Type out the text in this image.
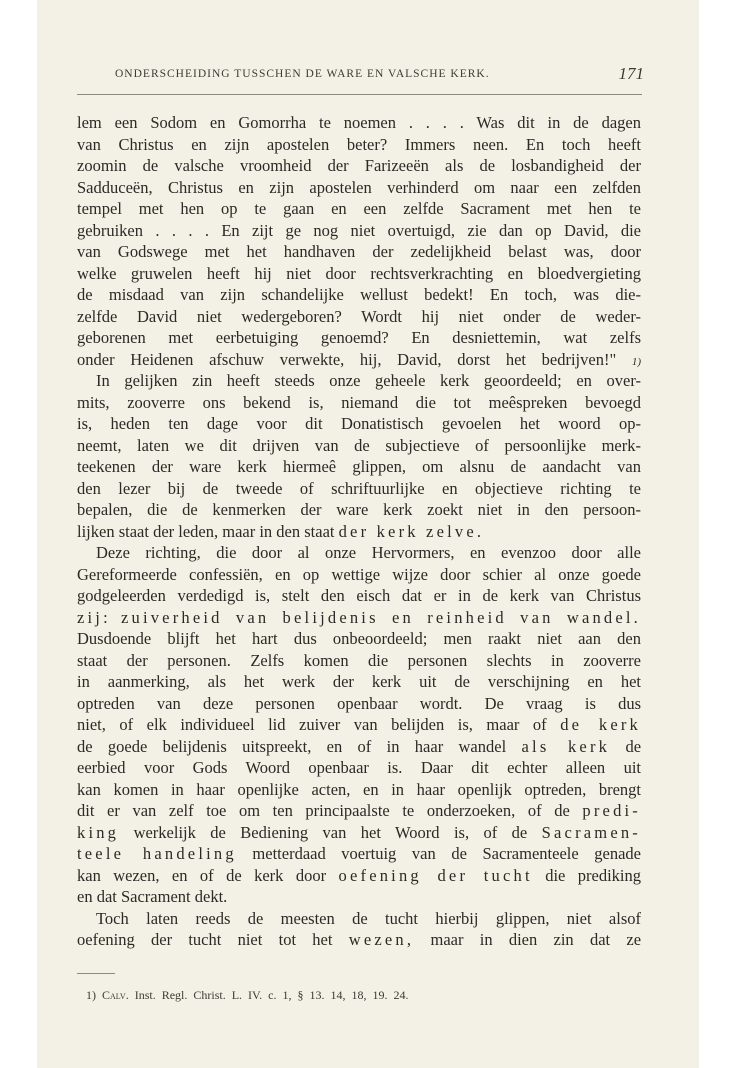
ONDERSCHEIDING TUSSCHEN DE WARE EN VALSCHE KERK.	171
lem een Sodom en Gomorrha te noemen . . . . Was dit in de dagen
van Christus en zijn apostelen beter? Immers neen. En toch heeft
zoomin de valsche vroomheid der Farizeeën als de losbandigheid der
Sadduceën, Christus en zijn apostelen verhinderd om naar een zelfden
tempel met hen op te gaan en een zelfde Sacrament met hen te
gebruiken . . . . En zijt ge nog niet overtuigd, zie dan op David, die
van Godswege met het handhaven der zedelijkheid belast was, door
welke gruwelen heeft hij niet door rechtsverkrachting en bloedvergieting
de misdaad van zijn schandelijke wellust bedekt! En toch, was die-
zelfde David niet wedergeboren? Wordt hij niet onder de weder-
geborenen met eerbetuiging genoemd? En desniettemin, wat zelfs
onder Heidenen afschuw verwekte, hij, David, dorst het bedrijven!" 1)
In gelijken zin heeft steeds onze geheele kerk geoordeeld; en over-
mits, zooverre ons bekend is, niemand die tot meêspreken bevoegd
is, heden ten dage voor dit Donatistisch gevoelen het woord op-
neemt, laten we dit drijven van de subjectieve of persoonlijke merk-
teekenen der ware kerk hiermeê glippen, om alsnu de aandacht van
den lezer bij de tweede of schriftuurlijke en objectieve richting te
bepalen, die de kenmerken der ware kerk zoekt niet in den persoon-
lijken staat der leden, maar in den staat der kerk zelve.
Deze richting, die door al onze Hervormers, en evenzoo door alle
Gereformeerde confessiën, en op wettige wijze door schier al onze goede
godgeleerden verdedigd is, stelt den eisch dat er in de kerk van Christus
zij: zuiverheid van belijdenis en reinheid van wandel.
Dusdoende blijft het hart dus onbeoordeeld; men raakt niet aan den
staat der personen. Zelfs komen die personen slechts in zooverre
in aanmerking, als het werk der kerk uit de verschijning en het
optreden van deze personen openbaar wordt. De vraag is dus
niet, of elk individueel lid zuiver van belijden is, maar of de kerk
de goede belijdenis uitspreekt, en of in haar wandel als kerk de
eerbied voor Gods Woord openbaar is. Daar dit echter alleen uit
kan komen in haar openlijke acten, en in haar openlijk optreden, brengt
dit er van zelf toe om ten principaalste te onderzoeken, of de predi-
king werkelijk de Bediening van het Woord is, of de Sacramen-
teele handeling metterdaad voertuig van de Sacramenteele genade
kan wezen, en of de kerk door oefening der tucht die prediking
en dat Sacrament dekt.
Toch laten reeds de meesten de tucht hierbij glippen, niet alsof
oefening der tucht niet tot het wezen, maar in dien zin dat ze
1) Calv. Inst. Regl. Christ. L. IV. c. 1, § 13. 14, 18, 19. 24.
